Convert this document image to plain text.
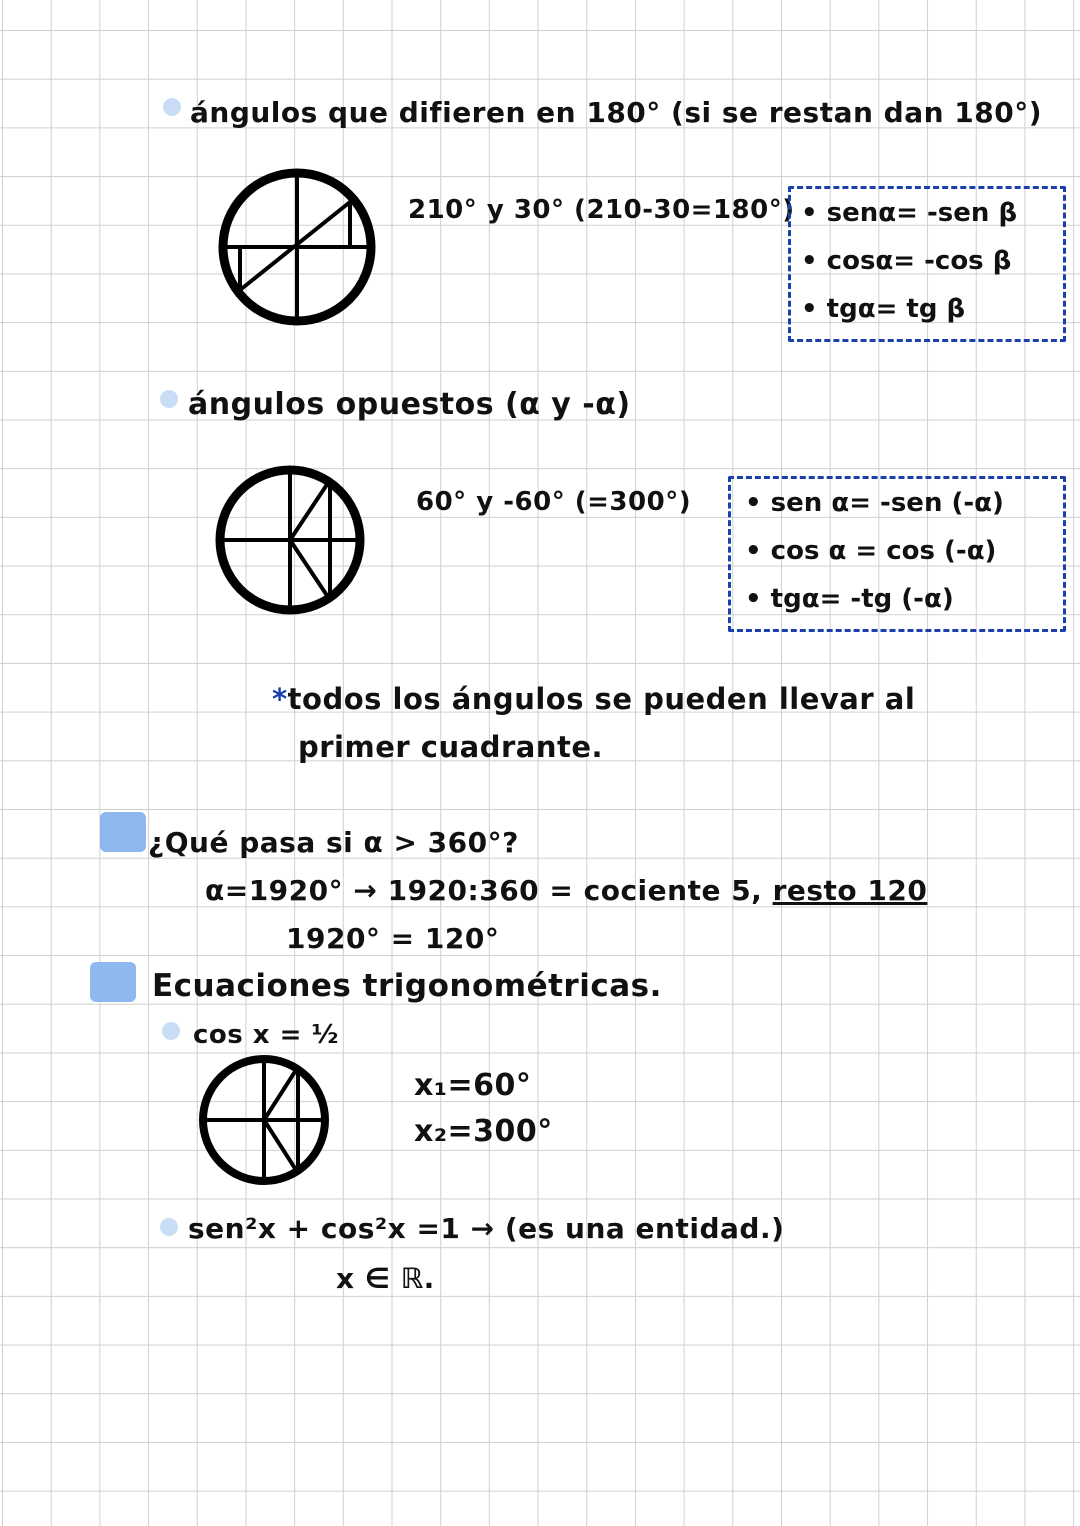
ángulos que difieren en 180° (si se restan dan 180°)
210° y 30° (210-30=180°) • senα= -sen β
• cosα= -cos β
• tgα= tg β
ángulos opuestos (α y -α)
60° y -60° (=300°) • sen α= -sen (-α)
• cos α = cos (-α)
• tgα= -tg (-α)
*todos los ángulos se pueden llevar al
primer cuadrante.
¿Qué pasa si α > 360°?
α=1920° → 1920:360 = cociente 5, resto 120
1920° = 120°
Ecuaciones trigonométricas.
cos x = ½
x₁=60°
x₂=300°
sen²x + cos²x =1 → (es una entidad.)
x ∈ ℝ.
